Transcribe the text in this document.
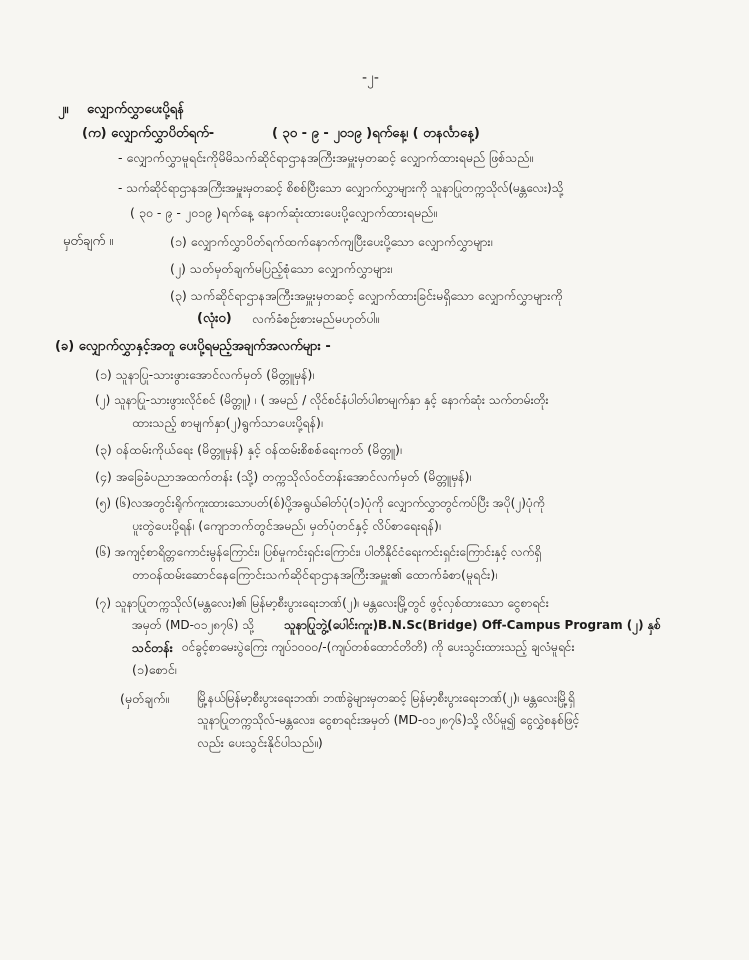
-၂-
၂။ လျှောက်လွှာပေးပို့ရန်
(က) လျှောက်လွှာပိတ်ရက်-	( ၃၀ - ၉ - ၂၀၁၉ )ရက်နေ့၊ ( တနင်္လာနေ့)
- လျှောက်လွှာမူရင်းကိုမိမိသက်ဆိုင်ရာဌာနအကြီးအမှူးမှတဆင့် လျှောက်ထားရမည် ဖြစ်သည်။
- သက်ဆိုင်ရာဌာနအကြီးအမှူးမှတဆင့် စိစစ်ပြီးသော လျှောက်လွှာများကို သူနာပြုတက္ကသိုလ်(မန္တလေး)သို့
( ၃၀ - ၉ - ၂၀၁၉ )ရက်နေ့ နောက်ဆုံးထားပေးပို့လျှောက်ထားရမည်။
မှတ်ချက် ။	(၁) လျှောက်လွှာပိတ်ရက်ထက်နောက်ကျပြီးပေးပို့သော လျှောက်လွှာများ၊
(၂) သတ်မှတ်ချက်မပြည့်စုံသော လျှောက်လွှာများ၊
(၃) သက်ဆိုင်ရာဌာနအကြီးအမှူးမှတဆင့် လျှောက်ထားခြင်းမရှိသော လျှောက်လွှာများကို
(လုံး၀) လက်ခံစဉ်းစားမည်မဟုတ်ပါ။
(ခ) လျှောက်လွှာနှင့်အတူ ပေးပို့ရမည့်အချက်အလက်များ -
(၁) သူနာပြု-သားဖွားအောင်လက်မှတ် (မိတ္တူမှန်)၊
(၂) သူနာပြု-သားဖွားလိုင်စင် (မိတ္တူ) ၊ ( အမည် / လိုင်စင်နံပါတ်ပါစာမျက်နှာ နှင့် နောက်ဆုံး သက်တမ်းတိုး
ထားသည့် စာမျက်နှာ(၂)ရွက်သာပေးပို့ရန်)၊
(၃) ဝန်ထမ်းကိုယ်ရေး (မိတ္တူမှန်) နှင့် ဝန်ထမ်းစိစစ်ရေးကတ် (မိတ္တူ)၊
(၄) အခြေခံပညာအထက်တန်း (သို့) တက္ကသိုလ်ဝင်တန်းအောင်လက်မှတ် (မိတ္တူမှန်)၊
(၅) (၆)လအတွင်းရိုက်ကူးထားသောပတ်(စ်)ပို့အရွယ်ဓါတ်ပုံ(၁)ပုံကို လျှောက်လွှာတွင်ကပ်ပြီး အပို(၂)ပုံကို
ပူးတွဲပေးပို့ရန်၊ (ကျောဘက်တွင်အမည်၊ မှတ်ပုံတင်နှင့် လိပ်စာရေးရန်)၊
(၆) အကျင့်စာရိတ္တကောင်းမွန်ကြောင်း၊ ပြစ်မှုကင်းရှင်းကြောင်း၊ ပါတီနိုင်ငံရေးကင်းရှင်းကြောင်းနှင့် လက်ရှိ
တာဝန်ထမ်းဆောင်နေကြောင်းသက်ဆိုင်ရာဌာနအကြီးအမှူး၏ ထောက်ခံစာ(မူရင်း)၊
(၇) သူနာပြုတက္ကသိုလ်(မန္တလေး)၏ မြန်မာ့စီးပွားရေးဘဏ်(၂)၊ မန္တလေးမြို့တွင် ဖွင့်လှစ်ထားသော ငွေစာရင်း
အမှတ် (MD-၀၁၂၈၇၆) သို့	သူနာပြုဘွဲ့(ပေါင်းကူး)B.N.Sc(Bridge) Off-Campus Program (၂) နှစ်
သင်တန်း ဝင်ခွင့်စာမေးပွဲကြေး ကျပ်၁၀၀၀/-(ကျပ်တစ်ထောင်တိတိ) ကို ပေးသွင်းထားသည့် ချလံမူရင်း
(၁)စောင်၊
(မှတ်ချက်။ မြို့နယ်မြန်မာ့စီးပွားရေးဘဏ်၊ ဘဏ်ခွဲများမှတဆင့် မြန်မာ့စီးပွားရေးဘဏ်(၂)၊ မန္တလေးမြို့ရှိ
သူနာပြုတက္ကသိုလ်-မန္တလေး၊ ငွေစာရင်းအမှတ် (MD-၀၁၂၈၇၆)သို့ လိပ်မူ၍ ငွေလွှဲစနစ်ဖြင့်
လည်း ပေးသွင်းနိုင်ပါသည်။)
